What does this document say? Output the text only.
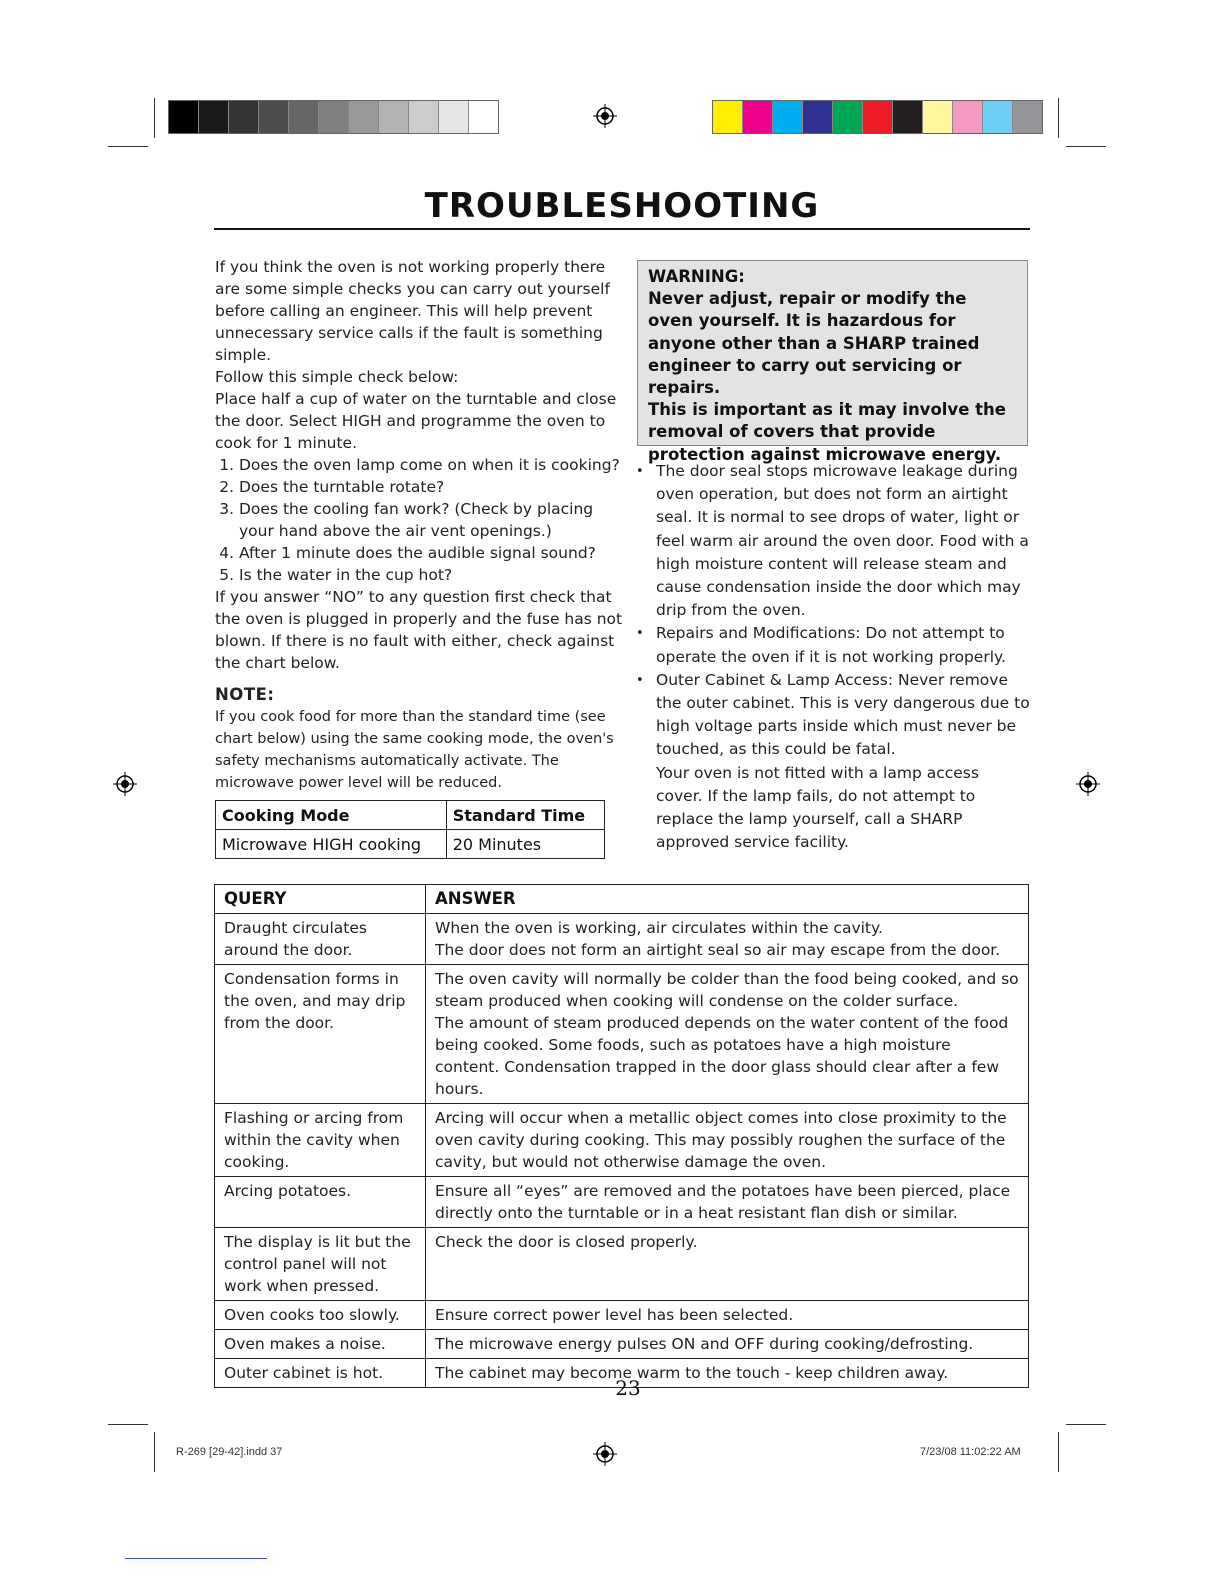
TROUBLESHOOTING

If you think the oven is not working properly there are some simple checks you can carry out yourself before calling an engineer. This will help prevent unnecessary service calls if the fault is something simple.

Follow this simple check below:

Place half a cup of water on the turntable and close the door. Select HIGH and programme the oven to cook for 1 minute.

1. Does the oven lamp come on when it is cooking?
2. Does the turntable rotate?
3. Does the cooling fan work? (Check by placing your hand above the air vent openings.)
4. After 1 minute does the audible signal sound?
5. Is the water in the cup hot?

If you answer “NO” to any question first check that the oven is plugged in properly and the fuse has not blown. If there is no fault with either, check against the chart below.

NOTE:

If you cook food for more than the standard time (see chart below) using the same cooking mode, the oven's safety mechanisms automatically activate. The microwave power level will be reduced.

Cooking Mode	Standard Time
Microwave HIGH cooking	20 Minutes

WARNING:

Never adjust, repair or modify the oven yourself. It is hazardous for anyone other than a SHARP trained engineer to carry out servicing or repairs.

This is important as it may involve the removal of covers that provide protection against microwave energy.

• The door seal stops microwave leakage during oven operation, but does not form an airtight seal. It is normal to see drops of water, light or feel warm air around the oven door. Food with a high moisture content will release steam and cause condensation inside the door which may drip from the oven.
• Repairs and Modifications: Do not attempt to operate the oven if it is not working properly.
• Outer Cabinet & Lamp Access: Never remove the outer cabinet. This is very dangerous due to high voltage parts inside which must never be touched, as this could be fatal.

Your oven is not fitted with a lamp access cover. If the lamp fails, do not attempt to replace the lamp yourself, call a SHARP approved service facility.

QUERY	ANSWER
Draught circulates around the door.	When the oven is working, air circulates within the cavity.

The door does not form an airtight seal so air may escape from the door.

Condensation forms in the oven, and may drip from the door.	The oven cavity will normally be colder than the food being cooked, and so steam produced when cooking will condense on the colder surface.

The amount of steam produced depends on the water content of the food being cooked. Some foods, such as potatoes have a high moisture content. Condensation trapped in the door glass should clear after a few hours.

Flashing or arcing from within the cavity when cooking.	Arcing will occur when a metallic object comes into close proximity to the oven cavity during cooking. This may possibly roughen the surface of the cavity, but would not otherwise damage the oven.

Arcing potatoes.	Ensure all “eyes” are removed and the potatoes have been pierced, place directly onto the turntable or in a heat resistant flan dish or similar.

The display is lit but the control panel will not work when pressed.	Check the door is closed properly.

Oven cooks too slowly.	Ensure correct power level has been selected.

Oven makes a noise.	The microwave energy pulses ON and OFF during cooking/defrosting.

Outer cabinet is hot.	The cabinet may become warm to the touch - keep children away.

23
R-269 [29-42].indd 37	7/23/08 11:02:22 AM
